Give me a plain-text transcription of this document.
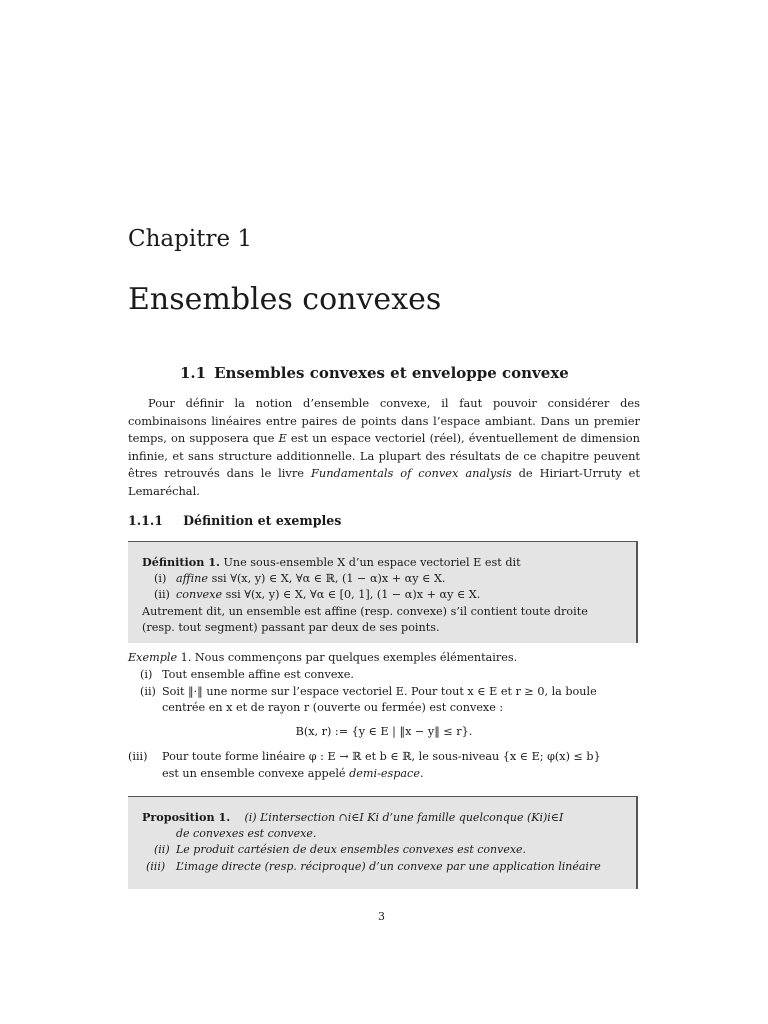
Chapitre 1
Ensembles convexes
1.1 Ensembles convexes et enveloppe convexe

Pour définir la notion d’ensemble convexe, il faut pouvoir considérer des combinaisons linéaires entre paires de points dans l’espace ambiant. Dans un premier temps, on supposera que E est un espace vectoriel (réel), éventuellement de dimension infinie, et sans structure additionnelle. La plupart des résultats de ce chapitre peuvent êtres retrouvés dans le livre Fundamentals of convex analysis de Hiriart-Urruty et Lemaréchal.

1.1.1 Définition et exemples
Définition 1. Une sous-ensemble X d’un espace vectoriel E est dit
(i) affine ssi ∀(x, y) ∈ X, ∀α ∈ ℝ, (1 − α)x + αy ∈ X.
(ii) convexe ssi ∀(x, y) ∈ X, ∀α ∈ [0, 1], (1 − α)x + αy ∈ X.
Autrement dit, un ensemble est affine (resp. convexe) s’il contient toute droite
(resp. tout segment) passant par deux de ses points.

Exemple 1. Nous commençons par quelques exemples élémentaires.

(i) Tout ensemble affine est convexe.

(ii) Soit ‖·‖ une norme sur l’espace vectoriel E. Pour tout x ∈ E et r ≥ 0, la boule

centrée en x et de rayon r (ouverte ou fermée) est convexe :

B(x, r) := {y ∈ E | ‖x − y‖ ≤ r}.

(iii) Pour toute forme linéaire φ : E → ℝ et b ∈ ℝ, le sous-niveau {x ∈ E; φ(x) ≤ b}

est un ensemble convexe appelé demi-espace.

Proposition 1. (i) L’intersection ∩i∈I Ki d’une famille quelconque (Ki)i∈I
de convexes est convexe.
(ii) Le produit cartésien de deux ensembles convexes est convexe.
(iii) L’image directe (resp. réciproque) d’un convexe par une application linéaire
3
